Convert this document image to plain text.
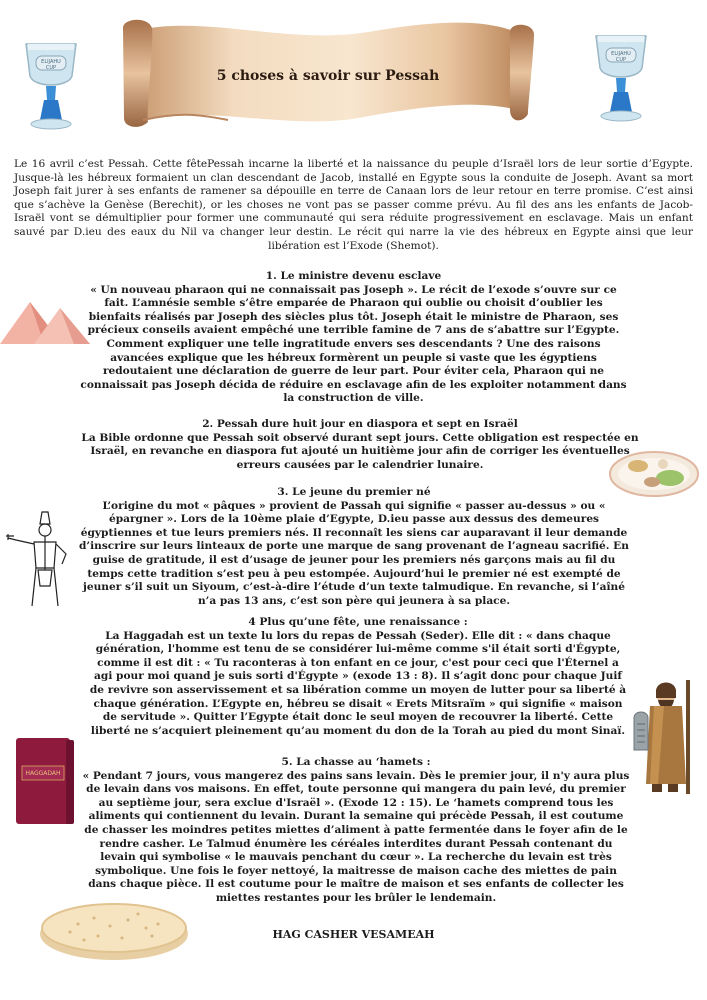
5 choses à savoir sur Pessah
ELIJAHU CUP
ELIJAHU CUP

Le 16 avril c’est Pessah. Cette fêtePessah incarne la liberté et la naissance du peuple d’Israël lors de leur sortie d’Egypte. Jusque-là les hébreux formaient un clan descendant de Jacob, installé en Egypte sous la conduite de Joseph. Avant sa mort Joseph fait jurer à ses enfants de ramener sa dépouille en terre de Canaan lors de leur retour en terre promise. C’est ainsi que s’achève la Genèse (Berechit), or les choses ne vont pas se passer comme prévu. Au fil des ans les enfants de Jacob- Israël vont se démultiplier pour former une communauté qui sera réduite progressivement en esclavage. Mais un enfant sauvé par D.ieu des eaux du Nil va changer leur destin. Le récit qui narre la vie des hébreux en Egypte ainsi que leur libération est l’Exode (Shemot).

1. Le ministre devenu esclave

« Un nouveau pharaon qui ne connaissait pas Joseph ». Le récit de l’exode s’ouvre sur ce fait. L’amnésie semble s’être emparée de Pharaon qui oublie ou choisit d’oublier les bienfaits réalisés par Joseph des siècles plus tôt. Joseph était le ministre de Pharaon, ses précieux conseils avaient empêché une terrible famine de 7 ans de s’abattre sur l’Egypte. Comment expliquer une telle ingratitude envers ses descendants ? Une des raisons avancées explique que les hébreux formèrent un peuple si vaste que les égyptiens redoutaient une déclaration de guerre de leur part. Pour éviter cela, Pharaon qui ne connaissait pas Joseph décida de réduire en esclavage afin de les exploiter notamment dans la construction de ville.

2. Pessah dure huit jour en diaspora et sept en Israël

La Bible ordonne que Pessah soit observé durant sept jours. Cette obligation est respectée en Israël, en revanche en diaspora fut ajouté un huitième jour afin de corriger les éventuelles erreurs causées par le calendrier lunaire.

3. Le jeune du premier né

L’origine du mot « pâques » provient de Passah qui signifie « passer au-dessus » ou « épargner ». Lors de la 10ème plaie d’Egypte, D.ieu passe aux dessus des demeures égyptiennes et tue leurs premiers nés. Il reconnaît les siens car auparavant il leur demande d’inscrire sur leurs linteaux de porte une marque de sang provenant de l’agneau sacrifié. En guise de gratitude, il est d’usage de jeuner pour les premiers nés garçons mais au fil du temps cette tradition s’est peu à peu estompée. Aujourd’hui le premier né est exempté de jeuner s’il suit un Siyoum, c’est-à-dire l’étude d’un texte talmudique. En revanche, si l’aîné n’a pas 13 ans, c’est son père qui jeunera à sa place.

4 Plus qu’une fête, une renaissance :

La Haggadah est un texte lu lors du repas de Pessah (Seder). Elle dit : « dans chaque génération, l'homme est tenu de se considérer lui-même comme s'il était sorti d'Égypte, comme il est dit : « Tu raconteras à ton enfant en ce jour, c'est pour ceci que l'Éternel a agi pour moi quand je suis sorti d'Égypte » (exode 13 : 8). Il s’agit donc pour chaque Juif de revivre son asservissement et sa libération comme un moyen de lutter pour sa liberté à chaque génération. L’Egypte en, hébreu se disait « Erets Mitsraïm » qui signifie « maison de servitude ». Quitter l’Egypte était donc le seul moyen de recouvrer la liberté. Cette liberté ne s’acquiert pleinement qu’au moment du don de la Torah au pied du mont Sinaï.

HAGGADAH

5. La chasse au ‘hamets :

« Pendant 7 jours, vous mangerez des pains sans levain. Dès le premier jour, il n'y aura plus de levain dans vos maisons. En effet, toute personne qui mangera du pain levé, du premier au septième jour, sera exclue d'Israël ». (Exode 12 : 15). Le ‘hamets comprend tous les aliments qui contiennent du levain. Durant la semaine qui précède Pessah, il est coutume de chasser les moindres petites miettes d’aliment à patte fermentée dans le foyer afin de le rendre casher. Le Talmud énumère les céréales interdites durant Pessah contenant du levain qui symbolise « le mauvais penchant du cœur ». La recherche du levain est très symbolique. Une fois le foyer nettoyé, la maitresse de maison cache des miettes de pain dans chaque pièce. Il est coutume pour le maître de maison et ses enfants de collecter les miettes restantes pour les brûler le lendemain.

HAG CASHER VESAMEAH
